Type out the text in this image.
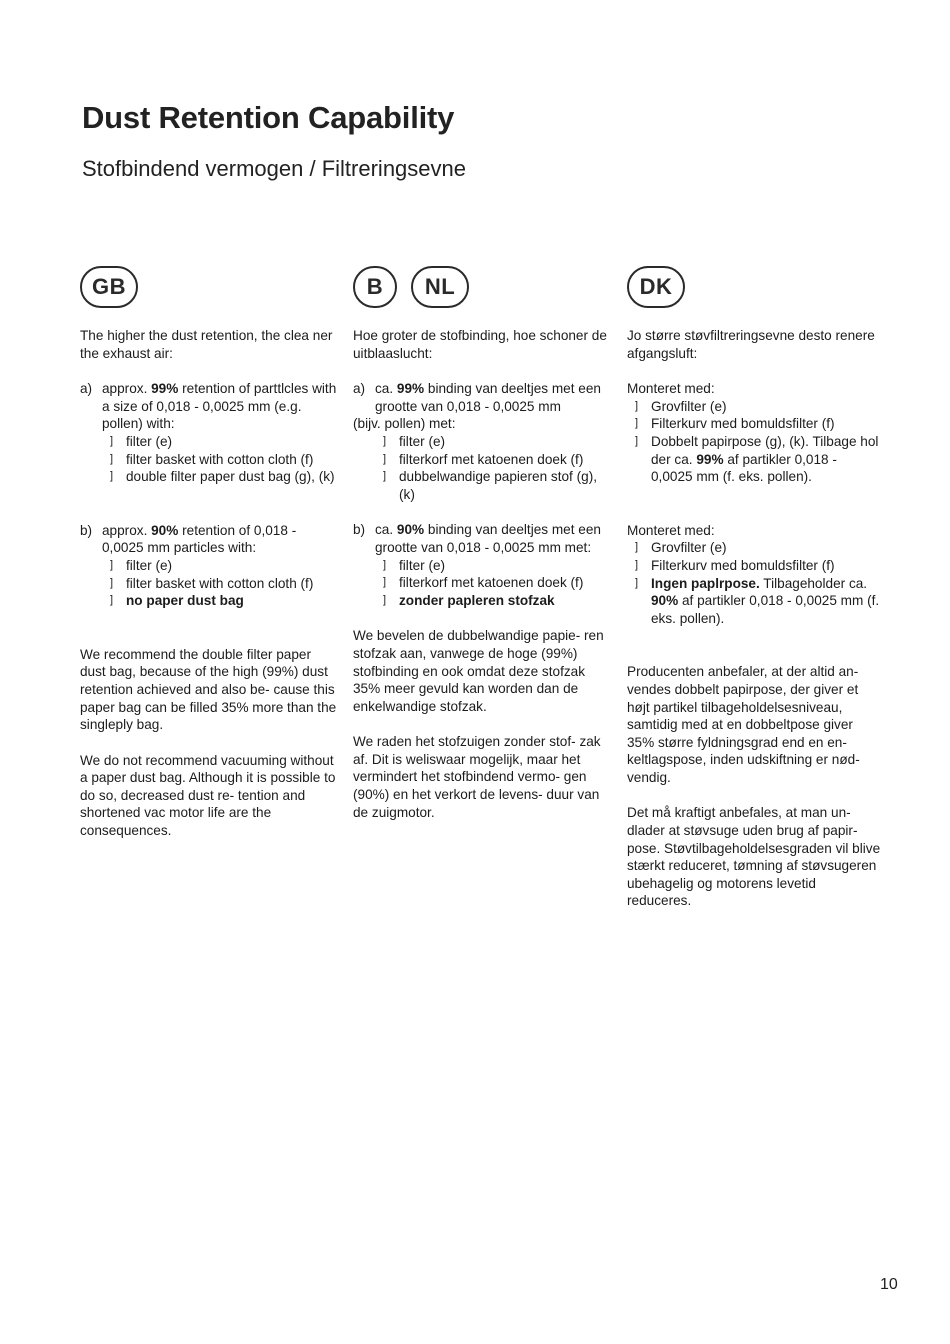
Dust Retention Capability
Stofbindend vermogen / Filtreringsevne
GB

The higher the dust retention, the clea ner the exhaust air:

a) approx. 99% retention of parttlcles with a size of 0,018 - 0,0025 mm (e.g. pollen) with:
] filter (e)
] filter basket with cotton cloth (f)
] double filter paper dust bag (g), (k)
b) approx. 90% retention of 0,018 - 0,0025 mm particles with:
] filter (e)
] filter basket with cotton cloth (f)
] no paper dust bag

We recommend the double filter paper dust bag, because of the high (99%) dust retention achieved and also be- cause this paper bag can be filled 35% more than the singleply bag.

We do not recommend vacuuming without a paper dust bag. Although it is possible to do so, decreased dust re- tention and shortened vac motor life are the consequences.

B	NL

Hoe groter de stofbinding, hoe schoner de uitblaaslucht:

a) ca. 99% binding van deeltjes met een grootte van 0,018 - 0,0025 mm

(bijv. pollen) met:

] filter (e)
] filterkorf met katoenen doek (f)
] dubbelwandige papieren stof (g), (k)
b) ca. 90% binding van deeltjes met een grootte van 0,018 - 0,0025 mm met:
] filter (e)
] filterkorf met katoenen doek (f)
] zonder papleren stofzak

We bevelen de dubbelwandige papie- ren stofzak aan, vanwege de hoge (99%) stofbinding en ook omdat deze stofzak 35% meer gevuld kan worden dan de enkelwandige stofzak.

We raden het stofzuigen zonder stof- zak af. Dit is weliswaar mogelijk, maar het vermindert het stofbindend vermo- gen (90%) en het verkort de levens- duur van de zuigmotor.

DK

Jo større støvfiltreringsevne desto renere afgangsluft:

Monteret med:

] Grovfilter (e)
] Filterkurv med bomuldsfilter (f)
] Dobbelt papirpose (g), (k). Tilbage hol der ca. 99% af partikler 0,018 - 0,0025 mm (f. eks. pollen).

Monteret med:

] Grovfilter (e)
] Filterkurv med bomuldsfilter (f)
] Ingen paplrpose. Tilbageholder ca. 90% af partikler 0,018 - 0,0025 mm (f. eks. pollen).

Producenten anbefaler, at der altid an- vendes dobbelt papirpose, der giver et højt partikel tilbageholdelsesniveau, samtidig med at en dobbeltpose giver 35% større fyldningsgrad end en en- keltlagspose, inden udskiftning er nød- vendig.

Det må kraftigt anbefales, at man un- dlader at støvsuge uden brug af papir- pose. Støvtilbageholdelsesgraden vil blive stærkt reduceret, tømning af støvsugeren ubehagelig og motorens levetid reduceres.

10
